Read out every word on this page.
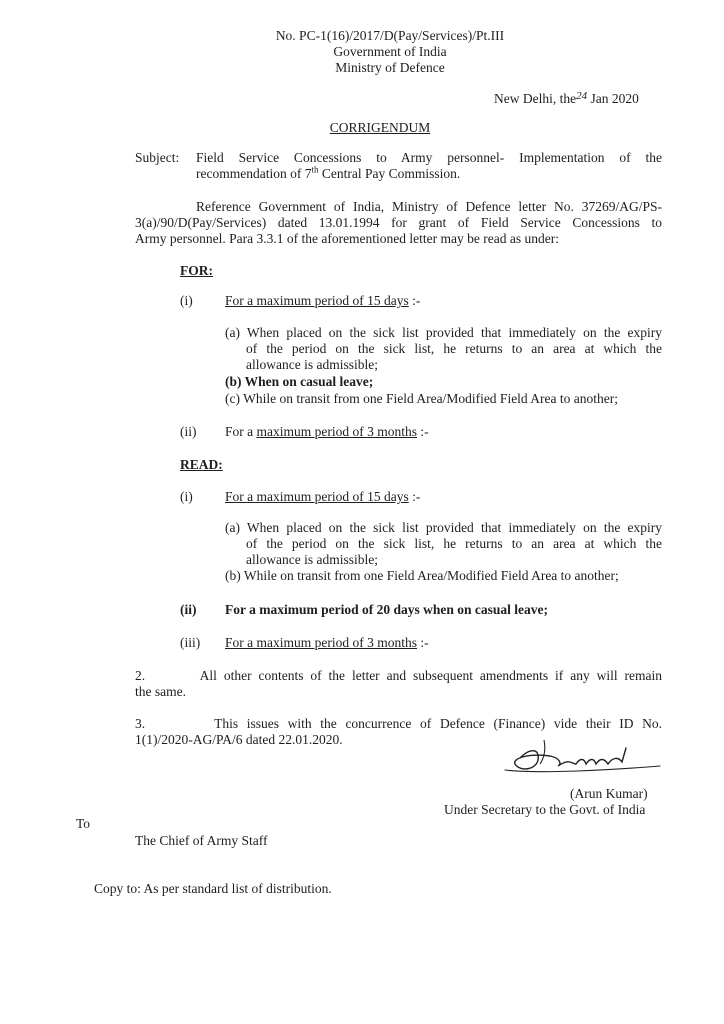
No. PC-1(16)/2017/D(Pay/Services)/Pt.III
Government of India
Ministry of Defence
New Delhi, the$^{24}$ Jan 2020
CORRIGENDUM
Subject: Field Service Concessions to Army personnel- Implementation of the
recommendation of 7th Central Pay Commission.
Reference Government of India, Ministry of Defence letter No. 37269/AG/PS-
3(a)/90/D(Pay/Services) dated 13.01.1994 for grant of Field Service Concessions to
Army personnel. Para 3.3.1 of the aforementioned letter may be read as under:
FOR:
(i) For a maximum period of 15 days :-
(a) When placed on the sick list provided that immediately on the expiry
of the period on the sick list, he returns to an area at which the
allowance is admissible;
(b) When on casual leave;
(c) While on transit from one Field Area/Modified Field Area to another;
(ii) For a maximum period of 3 months :-
READ:
(i) For a maximum period of 15 days :-
(a) When placed on the sick list provided that immediately on the expiry
of the period on the sick list, he returns to an area at which the
allowance is admissible;
(b) While on transit from one Field Area/Modified Field Area to another;
(ii) For a maximum period of 20 days when on casual leave;
(iii) For a maximum period of 3 months :-
2.        All other contents of the letter and subsequent amendments if any will remain
the same.
3.        This issues with the concurrence of Defence (Finance) vide their ID No.
1(1)/2020-AG/PA/6 dated 22.01.2020.
(Arun Kumar)
Under Secretary to the Govt. of India
To
The Chief of Army Staff
Copy to: As per standard list of distribution.
